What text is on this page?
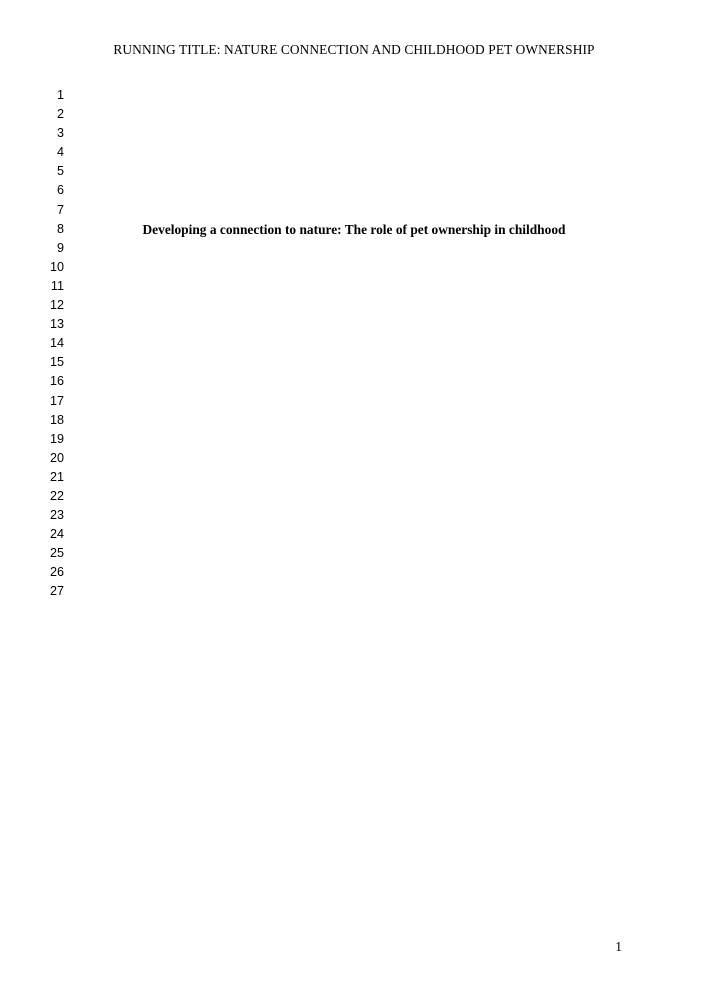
RUNNING TITLE: NATURE CONNECTION AND CHILDHOOD PET OWNERSHIP
1
2
3
4
5
6
7
8
9
10
11
12
13
14
15
16
17
18
19
20
21
22
23
24
25
26
27
Developing a connection to nature: The role of pet ownership in childhood
1
